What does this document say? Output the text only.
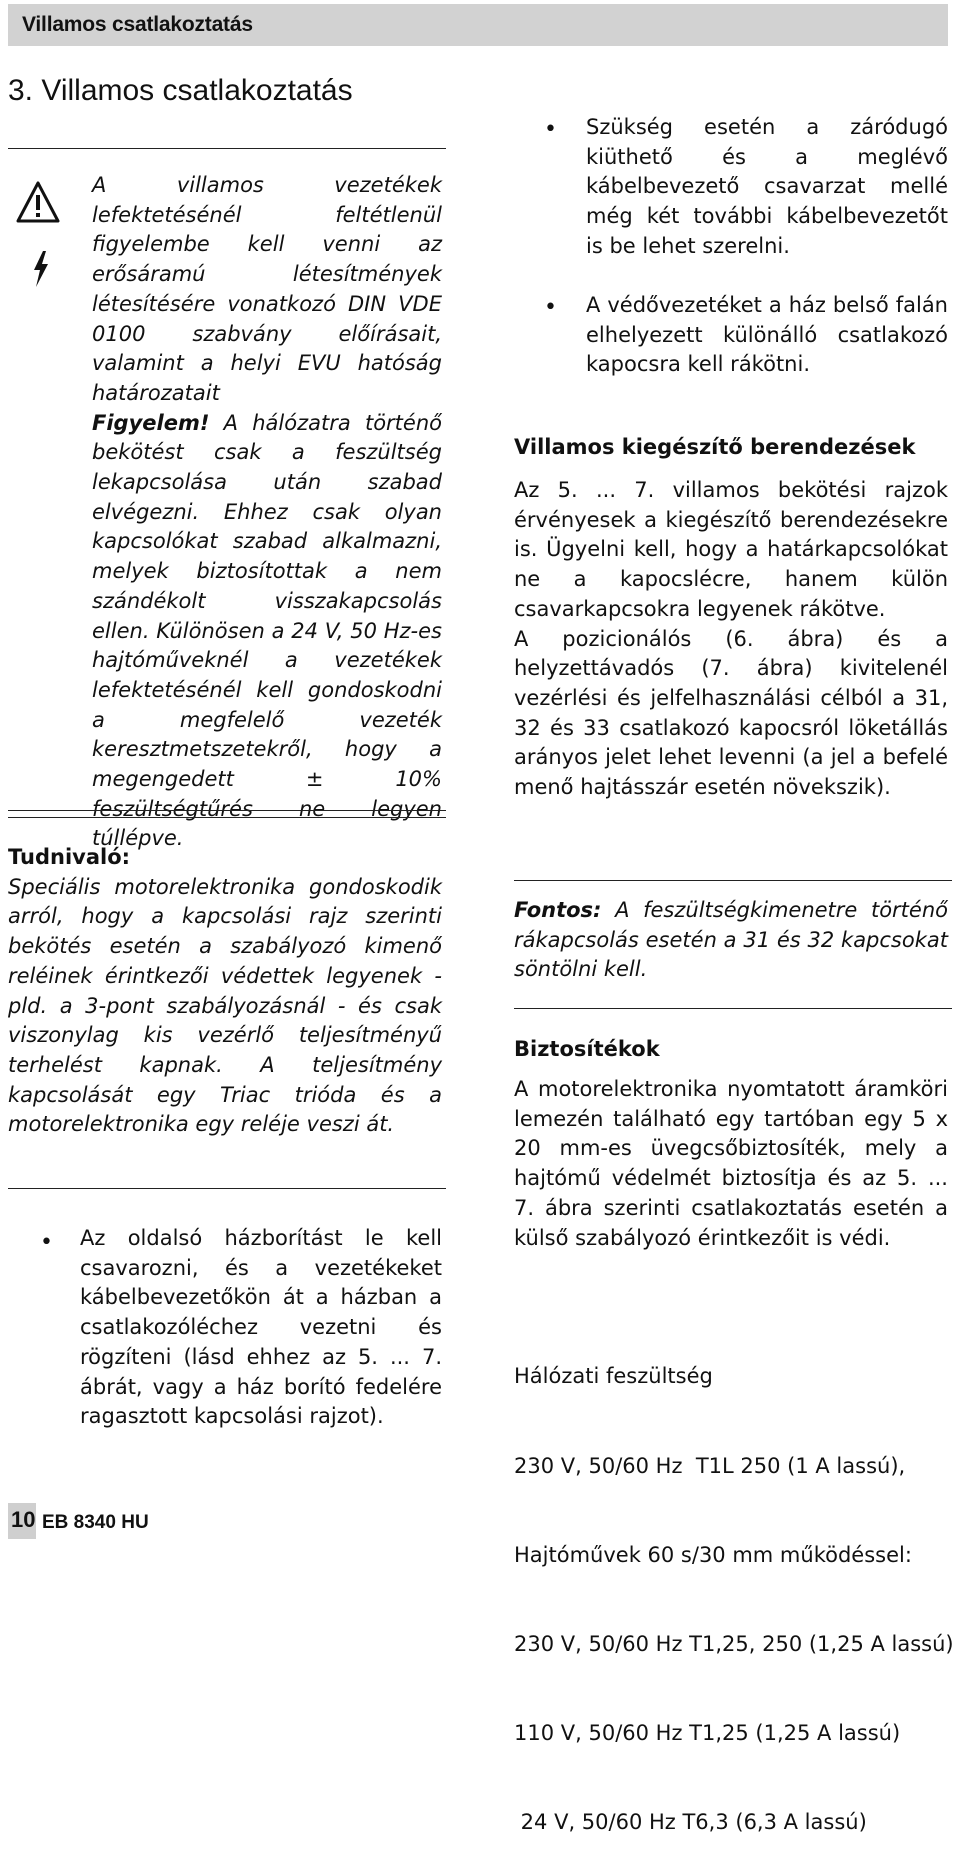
Villamos csatlakoztatás
3. Villamos csatlakoztatás
A villamos vezetékek lefektetésénél feltétlenül figyelembe kell venni az erősáramú létesítmények létesítésére vonatkozó DIN VDE 0100 szabvány előírásait, valamint a helyi EVU hatóság határozatait
Figyelem! A hálózatra történő bekötést csak a feszültség lekapcsolása után szabad elvégezni. Ehhez csak olyan kapcsolókat szabad alkalmazni, melyek biztosítottak a nem szándékolt visszakapcsolás ellen. Különösen a 24 V, 50 Hz-es hajtóműveknél a vezetékek lefektetésénél kell gondoskodni a megfelelő vezeték keresztmetszetekről, hogy a megengedett ± 10% feszültségtűrés ne legyen túllépve.
Tudnivaló:
Speciális motorelektronika gondoskodik arról, hogy a kapcsolási rajz szerinti bekötés esetén a szabályozó kimenő reléinek érintkezői védettek legyenek - pld. a 3-pont szabályozásnál - és csak viszonylag kis vezérlő teljesítményű terhelést kapnak. A teljesítmény kapcsolását egy Triac trióda és a motorelektronika egy reléje veszi át.
• Az oldalsó házborítást le kell csavarozni, és a vezetékeket kábelbevezetőkön át a házban a csatlakozóléchez vezetni és rögzíteni (lásd ehhez az 5. ... 7. ábrát, vagy a ház borító fedelére ragasztott kapcsolási rajzot).
• Szükség esetén a záródugó kiüthető és a meglévő kábelbevezető csavarzat mellé még két további kábelbevezetőt is be lehet szerelni.
• A védővezetéket a ház belső falán elhelyezett különálló csatlakozó kapocsra kell rákötni.
Villamos kiegészítő berendezések
Az 5. ... 7. villamos bekötési rajzok érvényesek a kiegészítő berendezésekre is. Ügyelni kell, hogy a határkapcsolókat ne a kapocslécre, hanem külön csavarkapcsokra legyenek rákötve.
A pozicionálós (6. ábra) és a helyzettávadós (7. ábra) kivitelenél vezérlési és jelfelhasználási célból a 31, 32 és 33 csatlakozó kapocsról löketállás arányos jelet lehet levenni (a jel a befelé menő hajtásszár esetén növekszik).
Fontos: A feszültségkimenetre történő rákapcsolás esetén a 31 és 32 kapcsokat söntölni kell.
Biztosítékok
A motorelektronika nyomtatott áramköri lemezén található egy tartóban egy 5 x 20 mm-es üvegcsőbiztosíték, mely a hajtómű védelmét biztosítja és az 5. ... 7. ábra szerinti csatlakoztatás esetén a külső szabályozó érintkezőit is védi.

Hálózati feszültség

230 V, 50/60 Hz  T1L 250 (1 A lassú),

Hajtóművek 60 s/30 mm működéssel:

230 V, 50/60 Hz T1,25, 250 (1,25 A lassú)

110 V, 50/60 Hz T1,25 (1,25 A lassú)

24 V, 50/60 Hz T6,3 (6,3 A lassú)

10 EB 8340 HU
